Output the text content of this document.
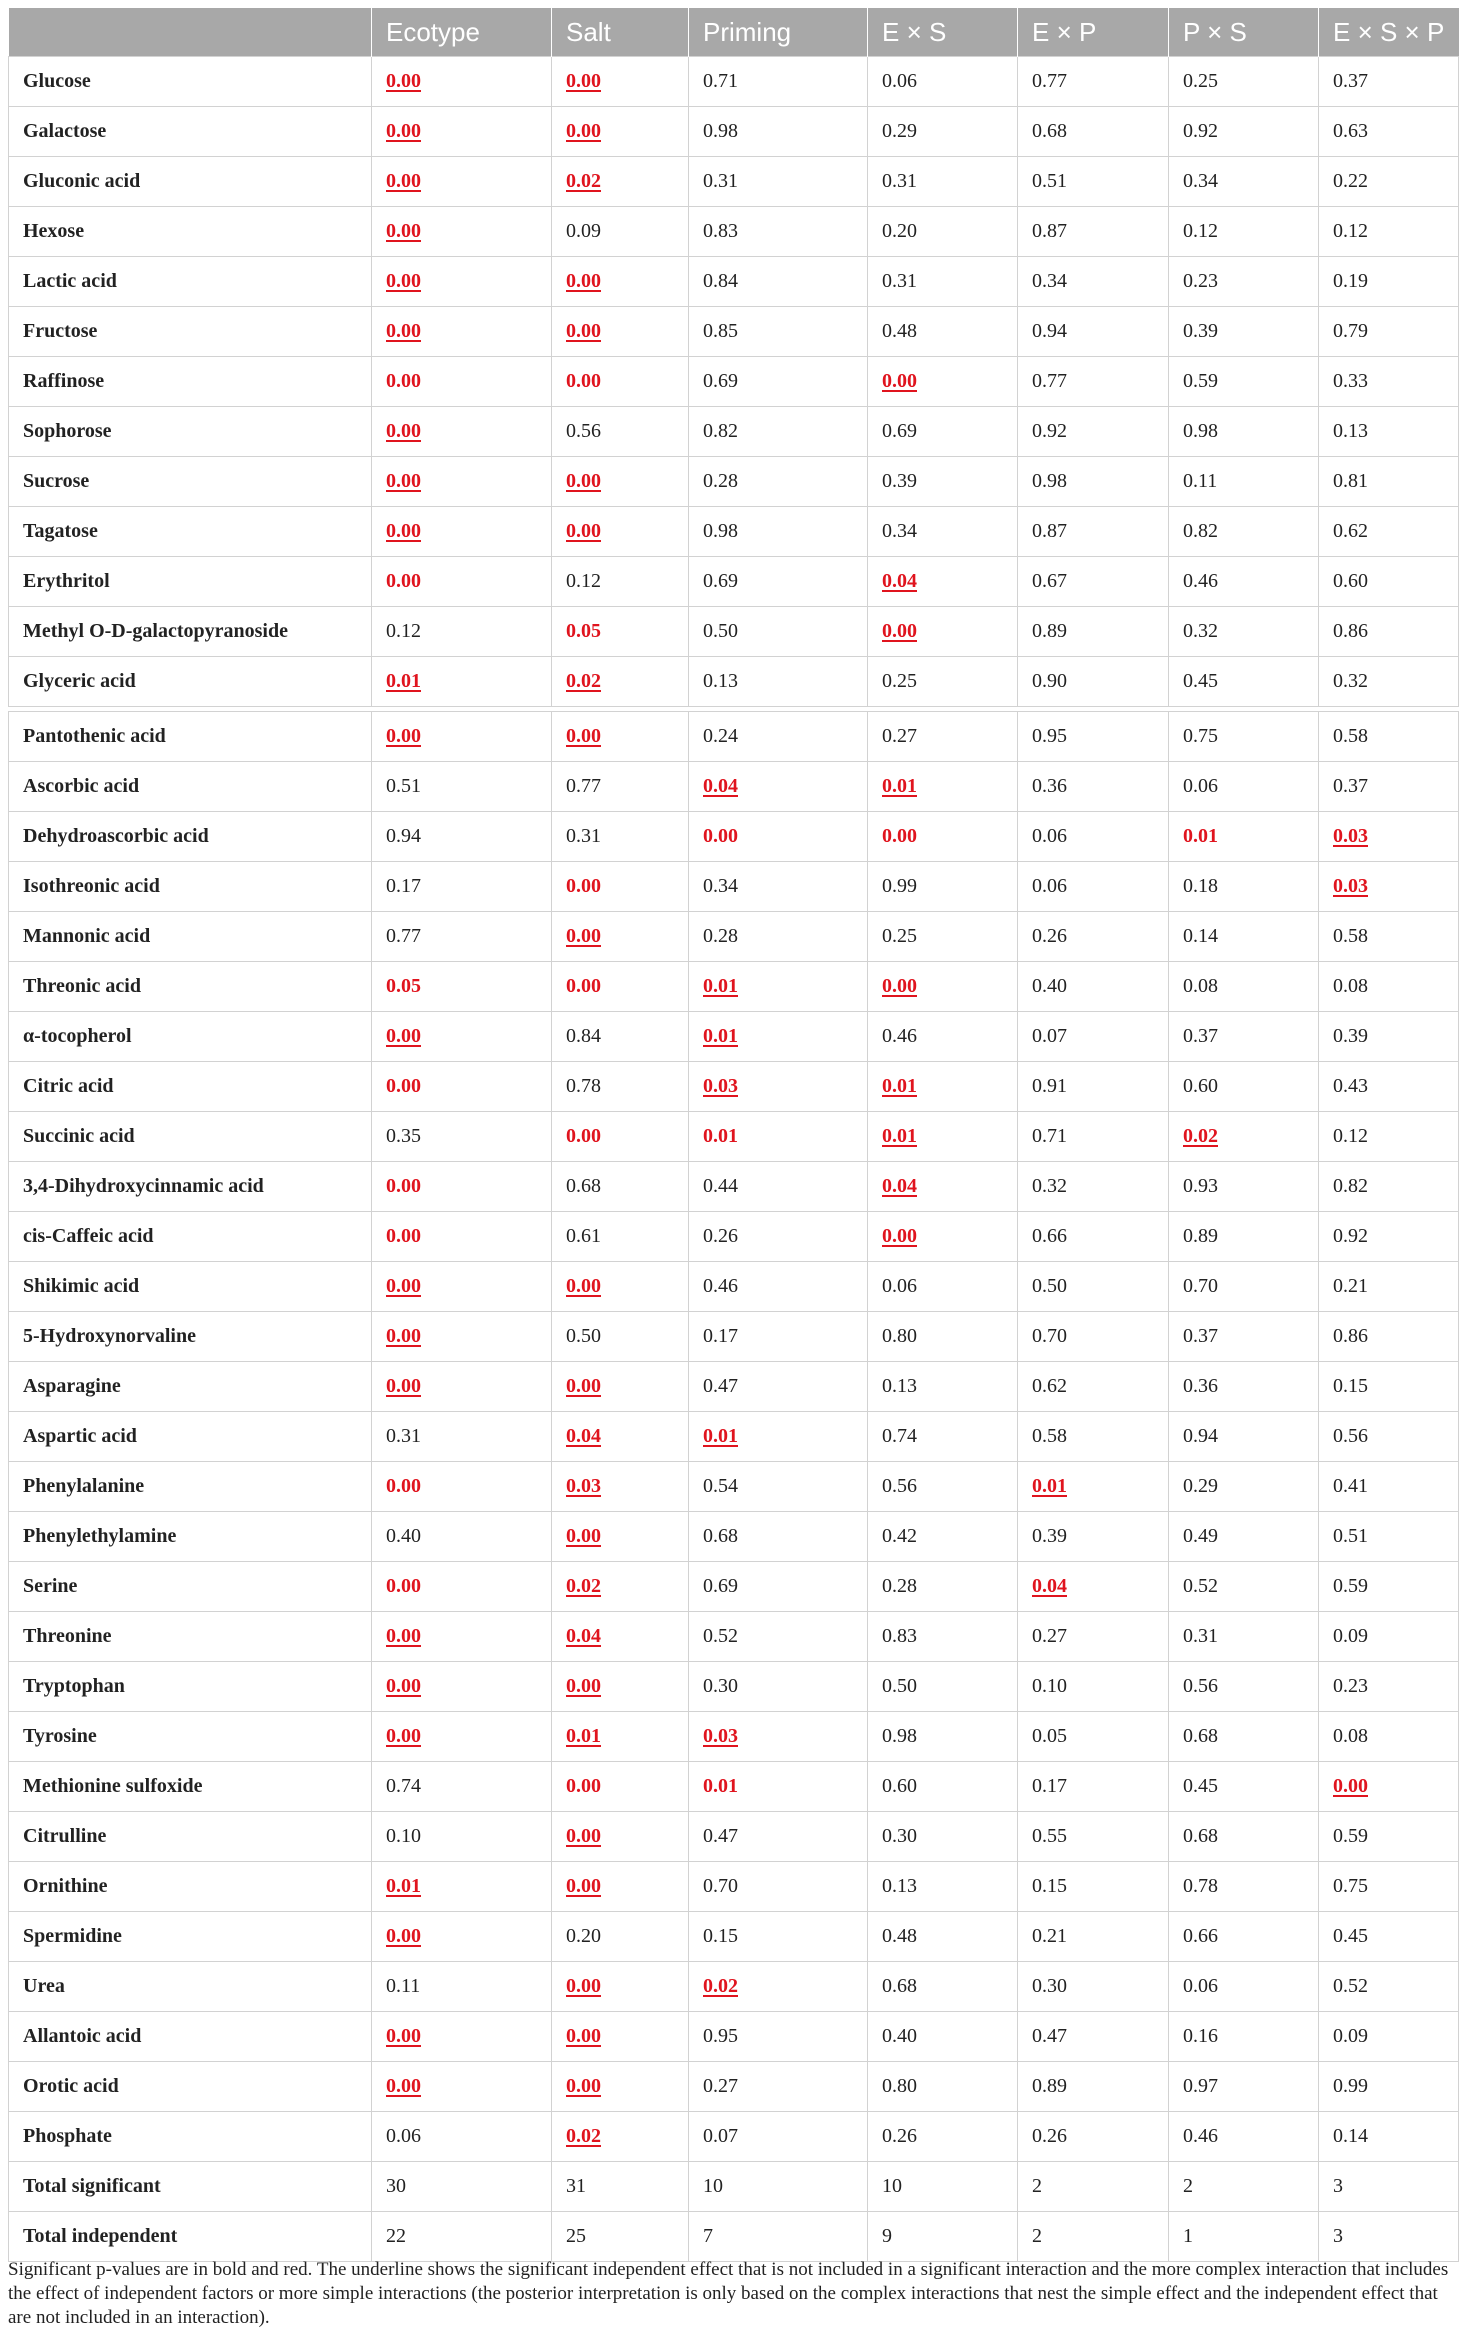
	Ecotype	Salt	Priming	E × S	E × P	P × S	E × S × P
Glucose	0.00	0.00	0.71	0.06	0.77	0.25	0.37
Galactose	0.00	0.00	0.98	0.29	0.68	0.92	0.63
Gluconic acid	0.00	0.02	0.31	0.31	0.51	0.34	0.22
Hexose	0.00	0.09	0.83	0.20	0.87	0.12	0.12
Lactic acid	0.00	0.00	0.84	0.31	0.34	0.23	0.19
Fructose	0.00	0.00	0.85	0.48	0.94	0.39	0.79
Raffinose	0.00	0.00	0.69	0.00	0.77	0.59	0.33
Sophorose	0.00	0.56	0.82	0.69	0.92	0.98	0.13
Sucrose	0.00	0.00	0.28	0.39	0.98	0.11	0.81
Tagatose	0.00	0.00	0.98	0.34	0.87	0.82	0.62
Erythritol	0.00	0.12	0.69	0.04	0.67	0.46	0.60
Methyl O-D-galactopyranoside	0.12	0.05	0.50	0.00	0.89	0.32	0.86
Glyceric acid	0.01	0.02	0.13	0.25	0.90	0.45	0.32

Pantothenic acid	0.00	0.00	0.24	0.27	0.95	0.75	0.58
Ascorbic acid	0.51	0.77	0.04	0.01	0.36	0.06	0.37
Dehydroascorbic acid	0.94	0.31	0.00	0.00	0.06	0.01	0.03
Isothreonic acid	0.17	0.00	0.34	0.99	0.06	0.18	0.03
Mannonic acid	0.77	0.00	0.28	0.25	0.26	0.14	0.58
Threonic acid	0.05	0.00	0.01	0.00	0.40	0.08	0.08
α-tocopherol	0.00	0.84	0.01	0.46	0.07	0.37	0.39
Citric acid	0.00	0.78	0.03	0.01	0.91	0.60	0.43
Succinic acid	0.35	0.00	0.01	0.01	0.71	0.02	0.12
3,4-Dihydroxycinnamic acid	0.00	0.68	0.44	0.04	0.32	0.93	0.82
cis-Caffeic acid	0.00	0.61	0.26	0.00	0.66	0.89	0.92
Shikimic acid	0.00	0.00	0.46	0.06	0.50	0.70	0.21
5-Hydroxynorvaline	0.00	0.50	0.17	0.80	0.70	0.37	0.86
Asparagine	0.00	0.00	0.47	0.13	0.62	0.36	0.15
Aspartic acid	0.31	0.04	0.01	0.74	0.58	0.94	0.56
Phenylalanine	0.00	0.03	0.54	0.56	0.01	0.29	0.41
Phenylethylamine	0.40	0.00	0.68	0.42	0.39	0.49	0.51
Serine	0.00	0.02	0.69	0.28	0.04	0.52	0.59
Threonine	0.00	0.04	0.52	0.83	0.27	0.31	0.09
Tryptophan	0.00	0.00	0.30	0.50	0.10	0.56	0.23
Tyrosine	0.00	0.01	0.03	0.98	0.05	0.68	0.08
Methionine sulfoxide	0.74	0.00	0.01	0.60	0.17	0.45	0.00
Citrulline	0.10	0.00	0.47	0.30	0.55	0.68	0.59
Ornithine	0.01	0.00	0.70	0.13	0.15	0.78	0.75
Spermidine	0.00	0.20	0.15	0.48	0.21	0.66	0.45
Urea	0.11	0.00	0.02	0.68	0.30	0.06	0.52
Allantoic acid	0.00	0.00	0.95	0.40	0.47	0.16	0.09
Orotic acid	0.00	0.00	0.27	0.80	0.89	0.97	0.99
Phosphate	0.06	0.02	0.07	0.26	0.26	0.46	0.14
Total significant	30	31	10	10	2	2	3
Total independent	22	25	7	9	2	1	3
Significant p-values are in bold and red. The underline shows the significant independent effect that is not included in a significant interaction and the more complex interaction that includes the effect of independent factors or more simple interactions (the posterior interpretation is only based on the complex interactions that nest the simple effect and the independent effect that are not included in an interaction).
